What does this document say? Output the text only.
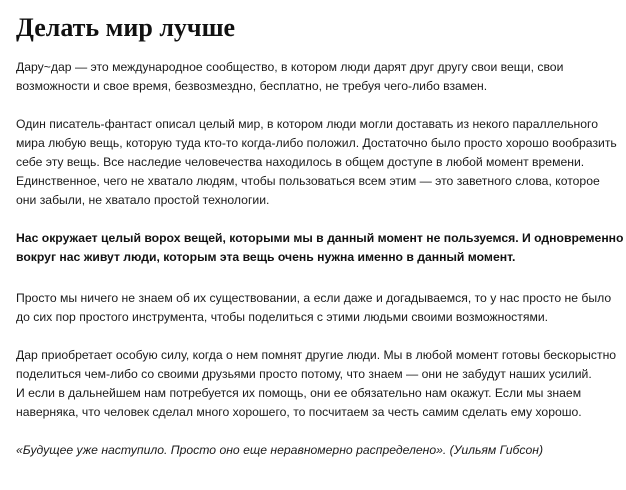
Делать мир лучше

Дару~дар — это международное сообщество, в котором люди дарят друг другу свои вещи, свои
возможности и свое время, безвозмездно, бесплатно, не требуя чего-либо взамен.

Один писатель-фантаст описал целый мир, в котором люди могли доставать из некого параллельного
мира любую вещь, которую туда кто-то когда-либо положил. Достаточно было просто хорошо вообразить
себе эту вещь. Все наследие человечества находилось в общем доступе в любой момент времени.
Единственное, чего не хватало людям, чтобы пользоваться всем этим — это заветного слова, которое
они забыли, не хватало простой технологии.

Нас окружает целый ворох вещей, которыми мы в данный момент не пользуемся. И одновременно
вокруг нас живут люди, которым эта вещь очень нужна именно в данный момент.

Просто мы ничего не знаем об их существовании, а если даже и догадываемся, то у нас просто не было
до сих пор простого инструмента, чтобы поделиться с этими людьми своими возможностями.

Дар приобретает особую силу, когда о нем помнят другие люди. Мы в любой момент готовы бескорыстно
поделиться чем-либо со своими друзьями просто потому, что знаем — они не забудут наших усилий.
И если в дальнейшем нам потребуется их помощь, они ее обязательно нам окажут. Если мы знаем
наверняка, что человек сделал много хорошего, то посчитаем за честь самим сделать ему хорошо.

«Будущее уже наступило. Просто оно еще неравномерно распределено». (Уильям Гибсон)
